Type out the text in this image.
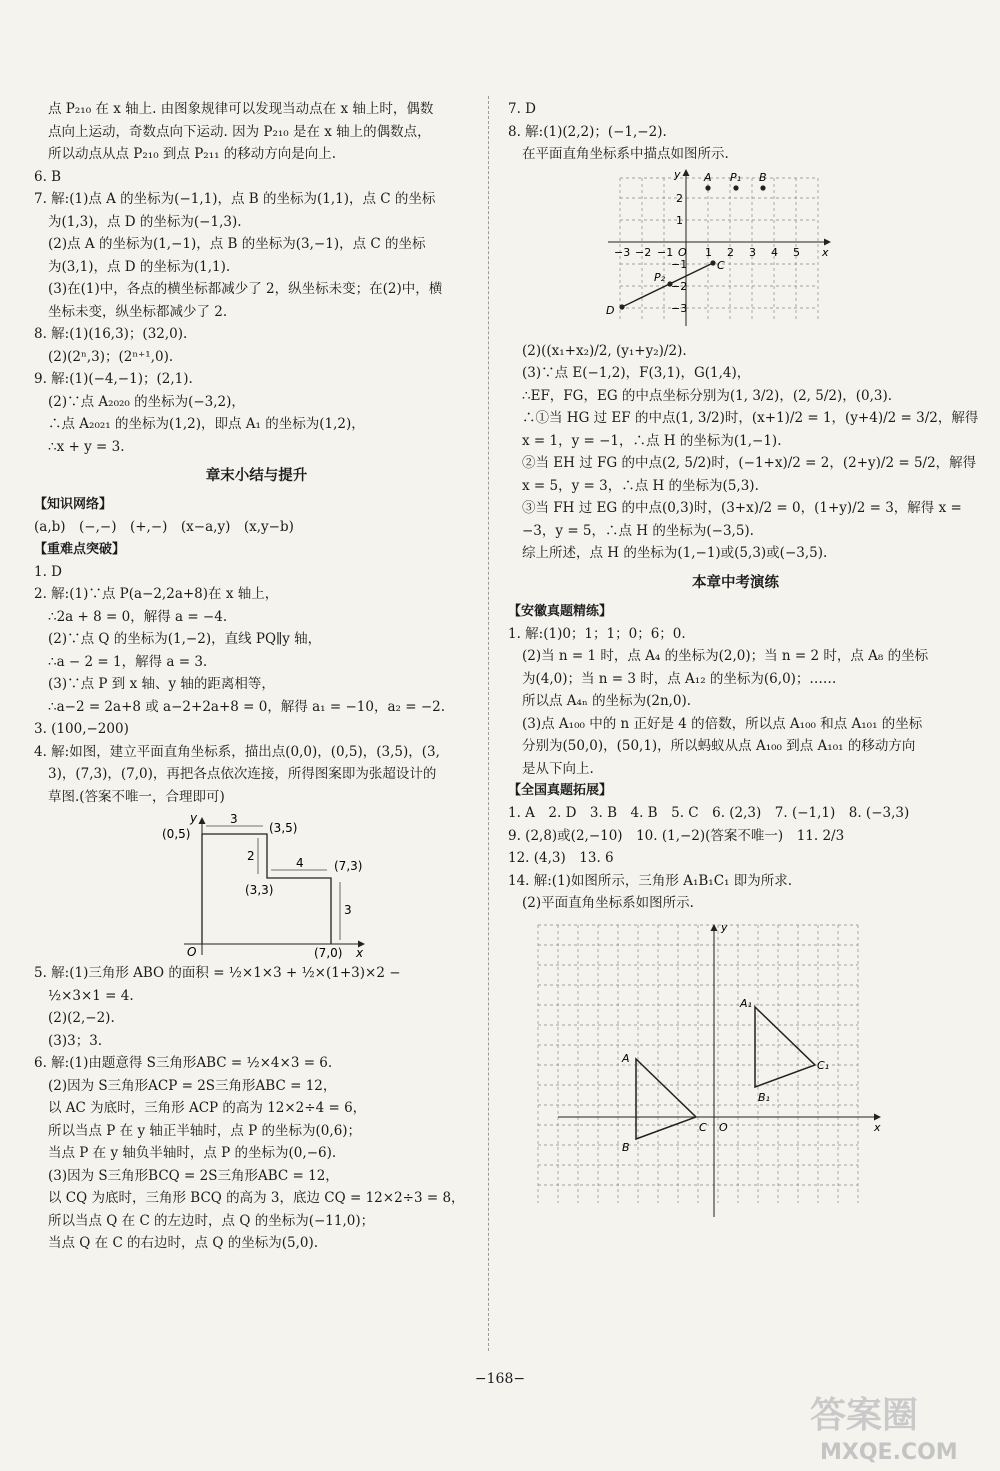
点 P₂₁₀ 在 x 轴上. 由图象规律可以发现当动点在 x 轴上时，偶数
点向上运动，奇数点向下运动. 因为 P₂₁₀ 是在 x 轴上的偶数点，
所以动点从点 P₂₁₀ 到点 P₂₁₁ 的移动方向是向上.
6. B
7. 解:(1)点 A 的坐标为(−1,1)，点 B 的坐标为(1,1)，点 C 的坐标
为(1,3)，点 D 的坐标为(−1,3).
(2)点 A 的坐标为(1,−1)，点 B 的坐标为(3,−1)，点 C 的坐标
为(3,1)，点 D 的坐标为(1,1).
(3)在(1)中，各点的横坐标都减少了 2，纵坐标未变；在(2)中，横
坐标未变，纵坐标都减少了 2.
8. 解:(1)(16,3)；(32,0).
(2)(2ⁿ,3)；(2ⁿ⁺¹,0).
9. 解:(1)(−4,−1)；(2,1).
(2)∵点 A₂₀₂₀ 的坐标为(−3,2)，
∴点 A₂₀₂₁ 的坐标为(1,2)，即点 A₁ 的坐标为(1,2)，
∴x + y = 3.
章末小结与提升
【知识网络】
(a,b)　(−,−)　(+,−)　(x−a,y)　(x,y−b)
【重难点突破】
1. D
2. 解:(1)∵点 P(a−2,2a+8)在 x 轴上，
∴2a + 8 = 0，解得 a = −4.
(2)∵点 Q 的坐标为(1,−2)，直线 PQ∥y 轴，
∴a − 2 = 1，解得 a = 3.
(3)∵点 P 到 x 轴、y 轴的距离相等，
∴a−2 = 2a+8 或 a−2+2a+8 = 0，解得 a₁ = −10，a₂ = −2.
3. (100,−200)
4. 解:如图，建立平面直角坐标系，描出点(0,0)，(0,5)，(3,5)，(3,
3)，(7,3)，(7,0)，再把各点依次连接，所得图案即为张超设计的
草图.(答案不唯一，合理即可)
y
(0,5)
3
(3,5)
2	4	(7,3)
(3,3)
3
O	(7,0) x
5. 解:(1)三角形 ABO 的面积 = ½×1×3 + ½×(1+3)×2 −
½×3×1 = 4.
(2)(2,−2).
(3)3；3.
6. 解:(1)由题意得 S三角形ABC = ½×4×3 = 6.
(2)因为 S三角形ACP = 2S三角形ABC = 12，
以 AC 为底时，三角形 ACP 的高为 12×2÷4 = 6，
所以当点 P 在 y 轴正半轴时，点 P 的坐标为(0,6)；
当点 P 在 y 轴负半轴时，点 P 的坐标为(0,−6).
(3)因为 S三角形BCQ = 2S三角形ABC = 12，
以 CQ 为底时，三角形 BCQ 的高为 3，底边 CQ = 12×2÷3 = 8，
所以当点 Q 在 C 的左边时，点 Q 的坐标为(−11,0)；
当点 Q 在 C 的右边时，点 Q 的坐标为(5,0).
7. D
8. 解:(1)(2,2)；(−1,−2).
在平面直角坐标系中描点如图所示.
y A P₁ B
2
1
−3 −2 −1 O 1 2 3 4 5 x
−1
P₂
C
−2
D	−3
(2)((x₁+x₂)/2, (y₁+y₂)/2).
(3)∵点 E(−1,2)，F(3,1)，G(1,4)，
∴EF，FG，EG 的中点坐标分别为(1, 3/2)，(2, 5/2)，(0,3).
∴①当 HG 过 EF 的中点(1, 3/2)时，(x+1)/2 = 1，(y+4)/2 = 3/2，解得
x = 1，y = −1，∴点 H 的坐标为(1,−1).
②当 EH 过 FG 的中点(2, 5/2)时，(−1+x)/2 = 2，(2+y)/2 = 5/2，解得
x = 5，y = 3，∴点 H 的坐标为(5,3).
③当 FH 过 EG 的中点(0,3)时，(3+x)/2 = 0，(1+y)/2 = 3，解得 x =
−3，y = 5，∴点 H 的坐标为(−3,5).
综上所述，点 H 的坐标为(1,−1)或(5,3)或(−3,5).
本章中考演练
【安徽真题精练】
1. 解:(1)0；1；1；0；6；0.
(2)当 n = 1 时，点 A₄ 的坐标为(2,0)；当 n = 2 时，点 A₈ 的坐标
为(4,0)；当 n = 3 时，点 A₁₂ 的坐标为(6,0)；……
所以点 A₄ₙ 的坐标为(2n,0).
(3)点 A₁₀₀ 中的 n 正好是 4 的倍数，所以点 A₁₀₀ 和点 A₁₀₁ 的坐标
分别为(50,0)，(50,1)，所以蚂蚁从点 A₁₀₀ 到点 A₁₀₁ 的移动方向
是从下向上.
【全国真题拓展】
1. A　2. D　3. B　4. B　5. C　6. (2,3)　7. (−1,1)　8. (−3,3)
9. (2,8)或(2,−10)　10. (1,−2)(答案不唯一)　11. 2/3
12. (4,3)　13. 6
14. 解:(1)如图所示，三角形 A₁B₁C₁ 即为所求.
(2)平面直角坐标系如图所示.
y
A₁
C₁
B₁
A
C O
B
x
−168−
答案圈
MXQE.COM
